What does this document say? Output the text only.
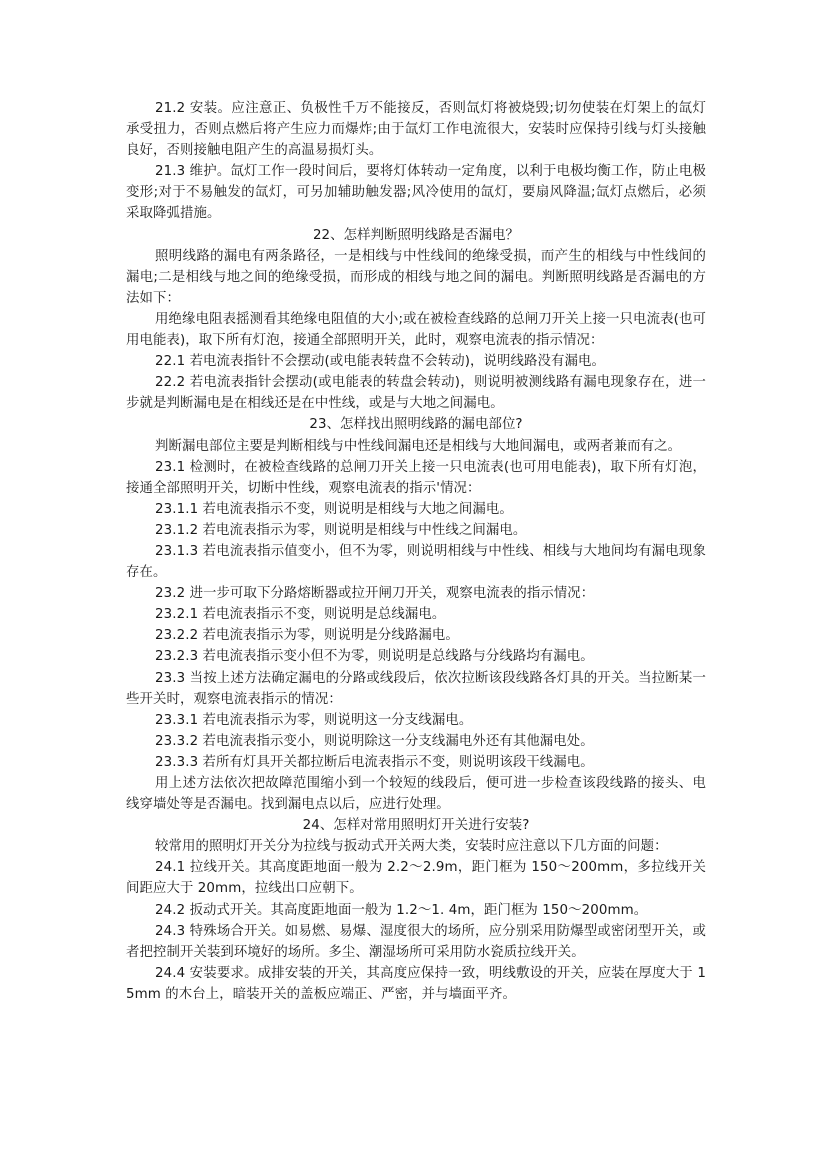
21.2 安装。应注意正、负极性千万不能接反，否则氙灯将被烧毁;切勿使装在灯架上的氙灯承受扭力，否则点燃后将产生应力而爆炸;由于氙灯工作电流很大，安装时应保持引线与灯头接触良好，否则接触电阻产生的高温易损灯头。

21.3 维护。氙灯工作一段时间后，要将灯体转动一定角度，以利于电极均衡工作，防止电极变形;对于不易触发的氙灯，可另加辅助触发器;风冷使用的氙灯，要扇风降温;氙灯点燃后，必须采取降弧措施。

22、怎样判断照明线路是否漏电？

照明线路的漏电有两条路径，一是相线与中性线间的绝缘受损，而产生的相线与中性线间的漏电;二是相线与地之间的绝缘受损，而形成的相线与地之间的漏电。判断照明线路是否漏电的方法如下：

用绝缘电阻表摇测看其绝缘电阻值的大小;或在被检查线路的总闸刀开关上接一只电流表(也可用电能表)，取下所有灯泡，接通全部照明开关，此时，观察电流表的指示情况：

22.1 若电流表指针不会摆动(或电能表转盘不会转动)，说明线路没有漏电。

22.2 若电流表指针会摆动(或电能表的转盘会转动)，则说明被测线路有漏电现象存在，进一步就是判断漏电是在相线还是在中性线，或是与大地之间漏电。

23、怎样找出照明线路的漏电部位?

判断漏电部位主要是判断相线与中性线间漏电还是相线与大地间漏电，或两者兼而有之。

23.1 检测时，在被检查线路的总闸刀开关上接一只电流表(也可用电能表)，取下所有灯泡，接通全部照明开关，切断中性线，观察电流表的指示'情况：

23.1.1 若电流表指示不变，则说明是相线与大地之间漏电。

23.1.2 若电流表指示为零，则说明是相线与中性线之间漏电。

23.1.3 若电流表指示值变小，但不为零，则说明相线与中性线、相线与大地间均有漏电现象存在。

23.2 进一步可取下分路熔断器或拉开闸刀开关，观察电流表的指示情况：

23.2.1 若电流表指示不变，则说明是总线漏电。

23.2.2 若电流表指示为零，则说明是分线路漏电。

23.2.3 若电流表指示变小但不为零，则说明是总线路与分线路均有漏电。

23.3 当按上述方法确定漏电的分路或线段后，依次拉断该段线路各灯具的开关。当拉断某一些开关时，观察电流表指示的情况：

23.3.1 若电流表指示为零，则说明这一分支线漏电。

23.3.2 若电流表指示变小，则说明除这一分支线漏电外还有其他漏电处。

23.3.3 若所有灯具开关都拉断后电流表指示不变，则说明该段干线漏电。

用上述方法依次把故障范围缩小到一个较短的线段后，便可进一步检查该段线路的接头、电线穿墙处等是否漏电。找到漏电点以后，应进行处理。

24、怎样对常用照明灯开关进行安装?

较常用的照明灯开关分为拉线与扳动式开关两大类，安装时应注意以下几方面的问题：

24.1 拉线开关。其高度距地面一般为 2.2～2.9m，距门框为 150～200mm，多拉线开关间距应大于 20mm，拉线出口应朝下。

24.2 扳动式开关。其高度距地面一般为 1.2～1. 4m，距门框为 150～200mm。

24.3 特殊场合开关。如易燃、易爆、湿度很大的场所，应分别采用防爆型或密闭型开关，或者把控制开关装到环境好的场所。多尘、潮湿场所可采用防水瓷质拉线开关。

24.4 安装要求。成排安装的开关，其高度应保持一致，明线敷设的开关，应装在厚度大于 15mm 的木台上，暗装开关的盖板应端正、严密，并与墙面平齐。
